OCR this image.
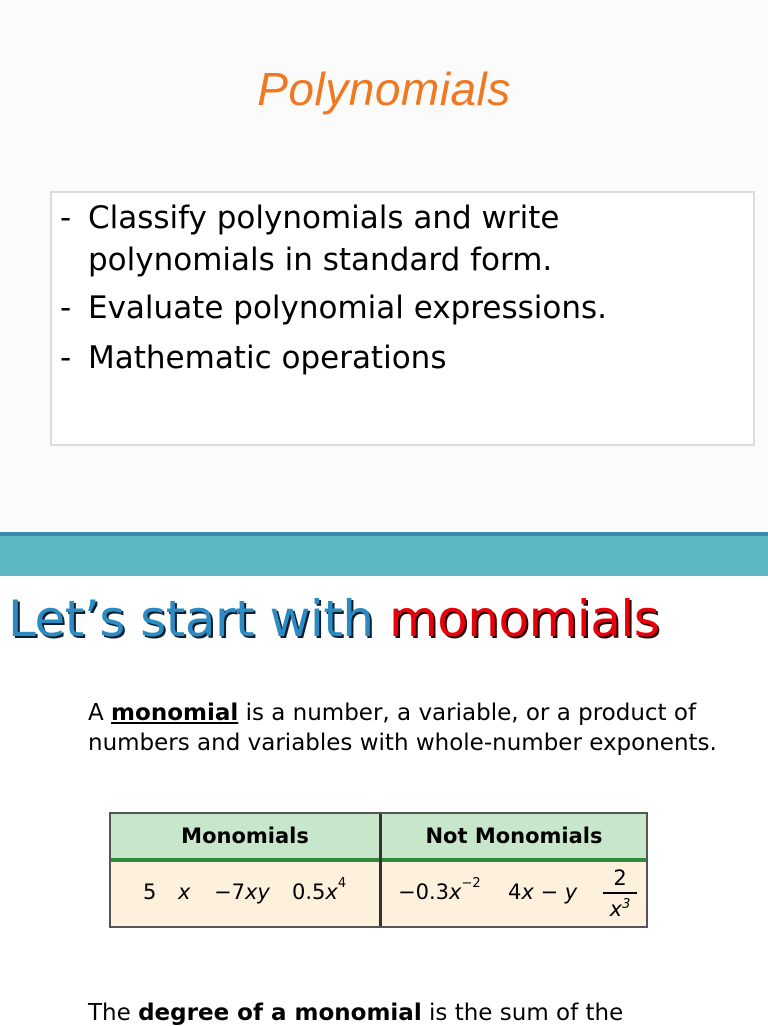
Polynomials
- Classify polynomials and write
polynomials in standard form.
- Evaluate polynomial expressions.
- Mathematic operations
Let’s start with monomials
A monomial is a number, a variable, or a product of numbers and variables with whole-number exponents.
Monomials	Not Monomials
5 x −7xy $0.5x^4 -0.3x^{-2}$ 4x − y
2
$x^3$
The degree of a monomial is the sum of the
